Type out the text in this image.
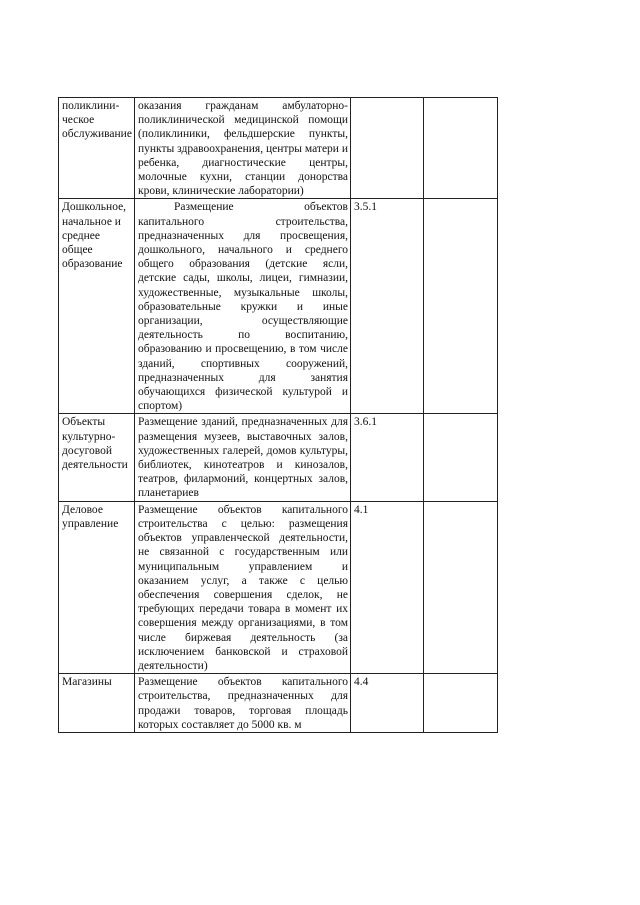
поликлиническое обслуживание	оказания гражданам амбулаторно-поликлинической медицинской помощи (поликлиники, фельдшерские пункты, пункты здравоохранения, центры матери и ребенка, диагностические центры, молочные кухни, станции донорства крови, клинические лаборатории)		
Дошкольное, начальное и среднее общее образование	Размещение объектов капитального строительства, предназначенных для просвещения, дошкольного, начального и среднего общего образования (детские ясли, детские сады, школы, лицеи, гимназии, художественные, музыкальные школы, образовательные кружки и иные организации, осуществляющие деятельность по воспитанию, образованию и просвещению, в том числе зданий, спортивных сооружений, предназначенных для занятия обучающихся физической культурой и спортом)	3.5.1	
Объекты культурно-досуговой деятельности	Размещение зданий, предназначенных для размещения музеев, выставочных залов, художественных галерей, домов культуры, библиотек, кинотеатров и кинозалов, театров, филармоний, концертных залов, планетариев	3.6.1	
Деловое управление	Размещение объектов капитального строительства с целью: размещения объектов управленческой деятельности, не связанной с государственным или муниципальным управлением и оказанием услуг, а также с целью обеспечения совершения сделок, не требующих передачи товара в момент их совершения между организациями, в том числе биржевая деятельность (за исключением банковской и страховой деятельности)	4.1	
Магазины	Размещение объектов капитального строительства, предназначенных для продажи товаров, торговая площадь которых составляет до 5000 кв. м	4.4	
